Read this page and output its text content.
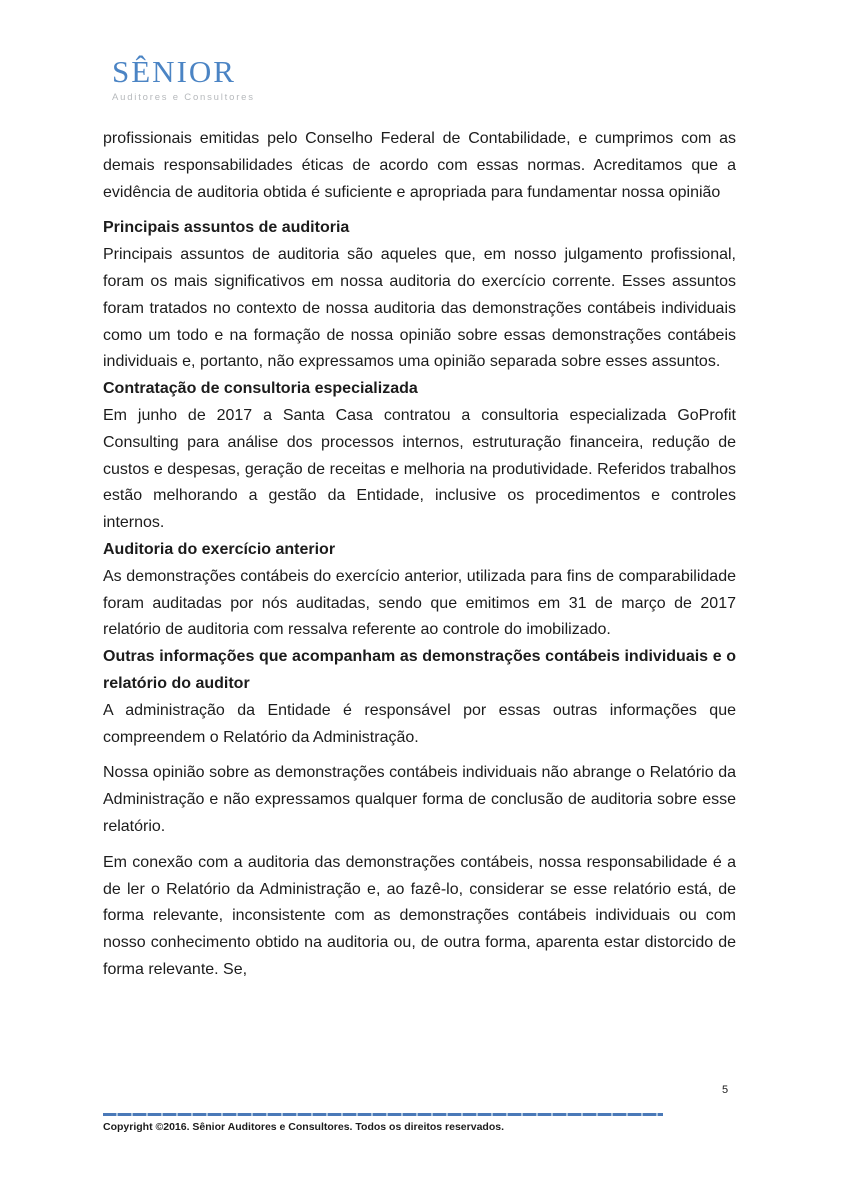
SÊNIOR
Auditores e Consultores

profissionais emitidas pelo Conselho Federal de Contabilidade, e cumprimos com as demais responsabilidades éticas de acordo com essas normas. Acreditamos que a evidência de auditoria obtida é suficiente e apropriada para fundamentar nossa opinião

Principais assuntos de auditoria

Principais assuntos de auditoria são aqueles que, em nosso julgamento profissional, foram os mais significativos em nossa auditoria do exercício corrente. Esses assuntos foram tratados no contexto de nossa auditoria das demonstrações contábeis individuais como um todo e na formação de nossa opinião sobre essas demonstrações contábeis individuais e, portanto, não expressamos uma opinião separada sobre esses assuntos.

Contratação de consultoria especializada

Em junho de 2017 a Santa Casa contratou a consultoria especializada GoProfit Consulting para análise dos processos internos, estruturação financeira, redução de custos e despesas, geração de receitas e melhoria na produtividade. Referidos trabalhos estão melhorando a gestão da Entidade, inclusive os procedimentos e controles internos.

Auditoria do exercício anterior

As demonstrações contábeis do exercício anterior, utilizada para fins de comparabilidade foram auditadas por nós auditadas, sendo que emitimos em 31 de março de 2017 relatório de auditoria com ressalva referente ao controle do imobilizado.

Outras informações que acompanham as demonstrações contábeis individuais e o relatório do auditor

A administração da Entidade é responsável por essas outras informações que compreendem o Relatório da Administração.

Nossa opinião sobre as demonstrações contábeis individuais não abrange o Relatório da Administração e não expressamos qualquer forma de conclusão de auditoria sobre esse relatório.

Em conexão com a auditoria das demonstrações contábeis, nossa responsabilidade é a de ler o Relatório da Administração e, ao fazê-lo, considerar se esse relatório está, de forma relevante, inconsistente com as demonstrações contábeis individuais ou com nosso conhecimento obtido na auditoria ou, de outra forma, aparenta estar distorcido de forma relevante. Se,

5
Copyright ©2016. Sênior Auditores e Consultores. Todos os direitos reservados.
